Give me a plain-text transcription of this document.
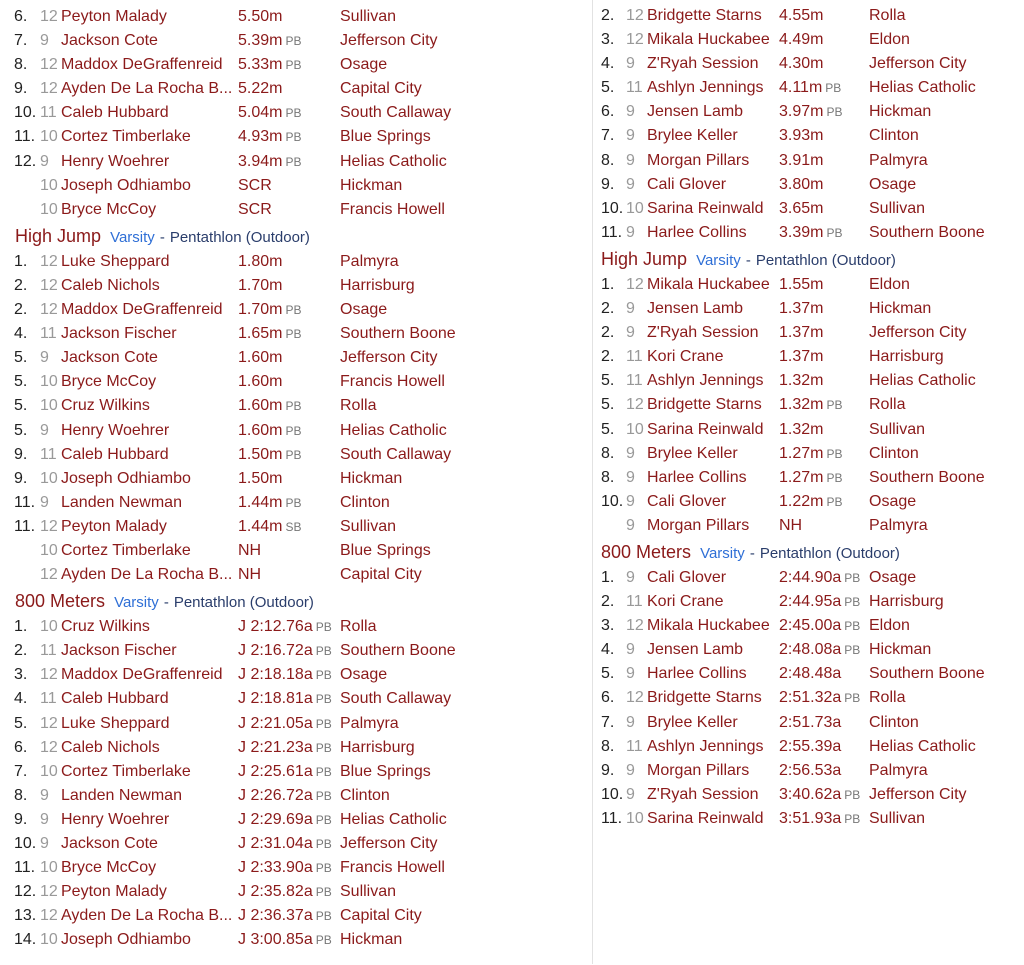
6. 12 Peyton Malady	5.50m	Sullivan
7. 9 Jackson Cote	5.39m PB Jefferson City
8. 12 Maddox DeGraffenreid 5.33m PB Osage
9. 12 Ayden De La Rocha B... 5.22m	Capital City
10. 11 Caleb Hubbard	5.04m PB South Callaway
11. 10 Cortez Timberlake	4.93m PB Blue Springs
12. 9 Henry Woehrer	3.94m PB Helias Catholic
10 Joseph Odhiambo	SCR	Hickman
10 Bryce McCoy	SCR	Francis Howell
High Jump Varsity - Pentathlon (Outdoor)
1. 12 Luke Sheppard	1.80m	Palmyra
2. 12 Caleb Nichols	1.70m	Harrisburg
2. 12 Maddox DeGraffenreid 1.70m PB Osage
4. 11 Jackson Fischer	1.65m PB Southern Boone
5. 9 Jackson Cote	1.60m	Jefferson City
5. 10 Bryce McCoy	1.60m	Francis Howell
5. 10 Cruz Wilkins	1.60m PB Rolla
5. 9 Henry Woehrer	1.60m PB Helias Catholic
9. 11 Caleb Hubbard	1.50m PB South Callaway
9. 10 Joseph Odhiambo	1.50m	Hickman
11. 9 Landen Newman	1.44m PB Clinton
11. 12 Peyton Malady	1.44m SB Sullivan
10 Cortez Timberlake	NH	Blue Springs
12 Ayden De La Rocha B... NH	Capital City
800 Meters Varsity - Pentathlon (Outdoor)
1. 10 Cruz Wilkins	J 2:12.76a PB Rolla
2. 11 Jackson Fischer	J 2:16.72a PB Southern Boone
3. 12 Maddox DeGraffenreid J 2:18.18a PB Osage
4. 11 Caleb Hubbard	J 2:18.81a PB South Callaway
5. 12 Luke Sheppard	J 2:21.05a PB Palmyra
6. 12 Caleb Nichols	J 2:21.23a PB Harrisburg
7. 10 Cortez Timberlake	J 2:25.61a PB Blue Springs
8. 9 Landen Newman	J 2:26.72a PB Clinton
9. 9 Henry Woehrer	J 2:29.69a PB Helias Catholic
10. 9 Jackson Cote	J 2:31.04a PB Jefferson City
11. 10 Bryce McCoy	J 2:33.90a PB Francis Howell
12. 12 Peyton Malady	J 2:35.82a PB Sullivan
13. 12 Ayden De La Rocha B... J 2:36.37a PB Capital City
14. 10 Joseph Odhiambo	J 3:00.85a PB Hickman
2. 12 Bridgette Starns 4.55m	Rolla
3. 12 Mikala Huckabee 4.49m	Eldon
4. 9 Z'Ryah Session 4.30m	Jefferson City
5. 11 Ashlyn Jennings 4.11m PB Helias Catholic
6. 9 Jensen Lamb 3.97m PB Hickman
7. 9 Brylee Keller	3.93m	Clinton
8. 9 Morgan Pillars 3.91m	Palmyra
9. 9 Cali Glover	3.80m	Osage
10. 10 Sarina Reinwald 3.65m	Sullivan
11. 9 Harlee Collins 3.39m PB Southern Boone
High Jump Varsity - Pentathlon (Outdoor)
1. 12 Mikala Huckabee 1.55m	Eldon
2. 9 Jensen Lamb 1.37m	Hickman
2. 9 Z'Ryah Session 1.37m	Jefferson City
2. 11 Kori Crane	1.37m	Harrisburg
5. 11 Ashlyn Jennings 1.32m	Helias Catholic
5. 12 Bridgette Starns 1.32m PB Rolla
5. 10 Sarina Reinwald 1.32m	Sullivan
8. 9 Brylee Keller	1.27m PB Clinton
8. 9 Harlee Collins 1.27m PB Southern Boone
10. 9 Cali Glover	1.22m PB Osage
9 Morgan Pillars NH	Palmyra
800 Meters Varsity - Pentathlon (Outdoor)
1. 9 Cali Glover	2:44.90a PB Osage
2. 11 Kori Crane	2:44.95a PB Harrisburg
3. 12 Mikala Huckabee 2:45.00a PB Eldon
4. 9 Jensen Lamb 2:48.08a PB Hickman
5. 9 Harlee Collins 2:48.48a Southern Boone
6. 12 Bridgette Starns 2:51.32a PB Rolla
7. 9 Brylee Keller	2:51.73a Clinton
8. 11 Ashlyn Jennings 2:55.39a Helias Catholic
9. 9 Morgan Pillars 2:56.53a Palmyra
10. 9 Z'Ryah Session 3:40.62a PB Jefferson City
11. 10 Sarina Reinwald 3:51.93a PB Sullivan
